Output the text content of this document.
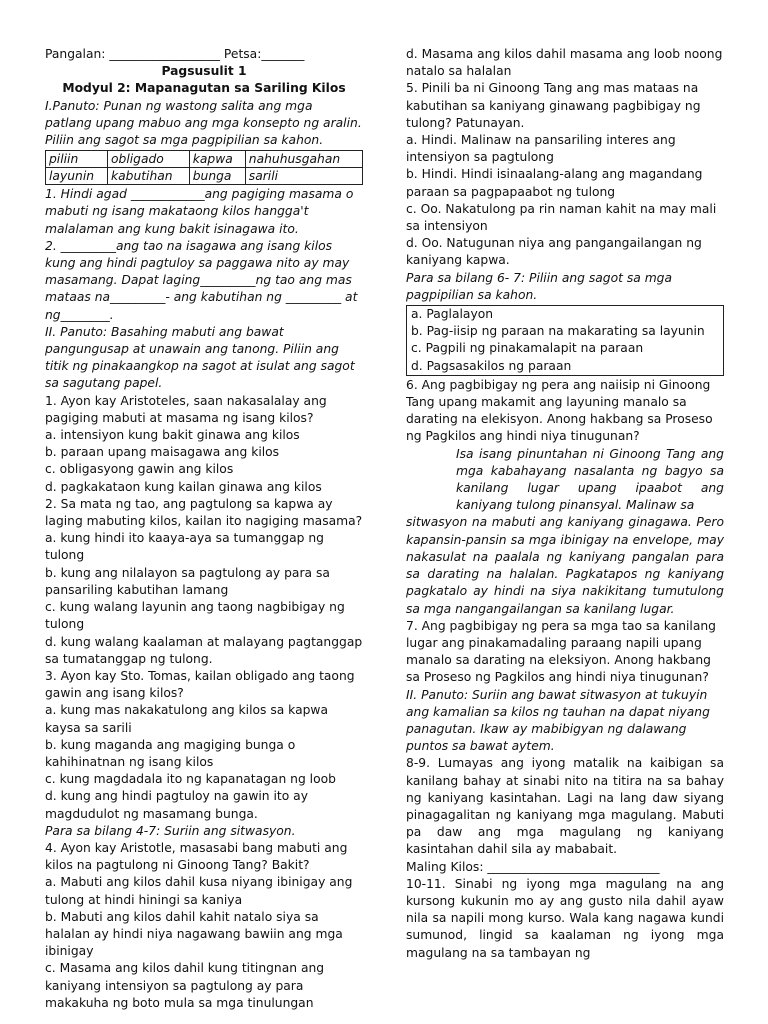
Pangalan: __________________ Petsa:_______
Pagsusulit 1
Modyul 2: Mapanagutan sa Sariling Kilos
I.Panuto: Punan ng wastong salita ang mga patlang upang mabuo ang mga konsepto ng aralin. Piliin ang sagot sa mga pagpipilian sa kahon.
piliin	obligado	kapwa	nahuhusgahan
layunin	kabutihan	bunga	sarili
1. Hindi agad ____________ang pagiging masama o mabuti ng isang makataong kilos hangga't malalaman ang kung bakit isinagawa ito.
2. _________ang tao na isagawa ang isang kilos kung ang hindi pagtuloy sa paggawa nito ay may masamang. Dapat laging_________ng tao ang mas mataas na_________- ang kabutihan ng _________ at ng________.
II. Panuto: Basahing mabuti ang bawat pangungusap at unawain ang tanong. Piliin ang titik ng pinakaangkop na sagot at isulat ang sagot sa sagutang papel.
1. Ayon kay Aristoteles, saan nakasalalay ang pagiging mabuti at masama ng isang kilos?
a. intensiyon kung bakit ginawa ang kilos
b. paraan upang maisagawa ang kilos
c. obligasyong gawin ang kilos
d. pagkakataon kung kailan ginawa ang kilos
2. Sa mata ng tao, ang pagtulong sa kapwa ay laging mabuting kilos, kailan ito nagiging masama?
a. kung hindi ito kaaya-aya sa tumanggap ng tulong
b. kung ang nilalayon sa pagtulong ay para sa pansariling kabutihan lamang
c. kung walang layunin ang taong nagbibigay ng tulong
d. kung walang kaalaman at malayang pagtanggap sa tumatanggap ng tulong.
3. Ayon kay Sto. Tomas, kailan obligado ang taong gawin ang isang kilos?
a. kung mas nakakatulong ang kilos sa kapwa kaysa sa sarili
b. kung maganda ang magiging bunga o kahihinatnan ng isang kilos
c. kung magdadala ito ng kapanatagan ng loob
d. kung ang hindi pagtuloy na gawin ito ay magdudulot ng masamang bunga.
Para sa bilang 4-7: Suriin ang sitwasyon.
4. Ayon kay Aristotle, masasabi bang mabuti ang kilos na pagtulong ni Ginoong Tang? Bakit?
a. Mabuti ang kilos dahil kusa niyang ibinigay ang tulong at hindi hiningi sa kaniya
b. Mabuti ang kilos dahil kahit natalo siya sa halalan ay hindi niya nagawang bawiin ang mga ibinigay
c. Masama ang kilos dahil kung titingnan ang kaniyang intensiyon sa pagtulong ay para makakuha ng boto mula sa mga tinulungan
d. Masama ang kilos dahil masama ang loob noong natalo sa halalan
5. Pinili ba ni Ginoong Tang ang mas mataas na kabutihan sa kaniyang ginawang pagbibigay ng tulong? Patunayan.
a. Hindi. Malinaw na pansariling interes ang intensiyon sa pagtulong
b. Hindi. Hindi isinaalang-alang ang magandang paraan sa pagpapaabot ng tulong
c. Oo. Nakatulong pa rin naman kahit na may mali sa intensiyon
d. Oo. Natugunan niya ang pangangailangan ng kaniyang kapwa.
Para sa bilang 6- 7: Piliin ang sagot sa mga pagpipilian sa kahon.
a. Paglalayon
b. Pag-iisip ng paraan na makarating sa layunin
c. Pagpili ng pinakamalapit na paraan
d. Pagsasakilos ng paraan
6. Ang pagbibigay ng pera ang naiisip ni Ginoong Tang upang makamit ang layuning manalo sa darating na elekisyon. Anong hakbang sa Proseso ng Pagkilos ang hindi niya tinugunan?
Isa isang pinuntahan ni Ginoong Tang ang mga kabahayang nasalanta ng bagyo sa kanilang lugar upang ipaabot ang kaniyang tulong pinansyal. Malinaw sa
sitwasyon na mabuti ang kaniyang ginagawa. Pero kapansin-pansin sa mga ibinigay na envelope, may nakasulat na paalala ng kaniyang pangalan para sa darating na halalan. Pagkatapos ng kaniyang pagkatalo ay hindi na siya nakikitang tumutulong sa mga nangangailangan sa kanilang lugar.
7. Ang pagbibigay ng pera sa mga tao sa kanilang lugar ang pinakamadaling paraang napili upang manalo sa darating na eleksiyon. Anong hakbang sa Proseso ng Pagkilos ang hindi niya tinugunan?
II. Panuto: Suriin ang bawat sitwasyon at tukuyin ang kamalian sa kilos ng tauhan na dapat niyang panagutan. Ikaw ay mabibigyan ng dalawang puntos sa bawat aytem.
8-9. Lumayas ang iyong matalik na kaibigan sa kanilang bahay at sinabi nito na titira na sa bahay ng kaniyang kasintahan. Lagi na lang daw siyang pinagagalitan ng kaniyang mga magulang. Mabuti pa daw ang mga magulang ng kaniyang kasintahan dahil sila ay mababait.
Maling Kilos: ____________________________
10-11. Sinabi ng iyong mga magulang na ang kursong kukunin mo ay ang gusto nila dahil ayaw nila sa napili mong kurso. Wala kang nagawa kundi sumunod, lingid sa kaalaman ng iyong mga magulang na sa tambayan ng
